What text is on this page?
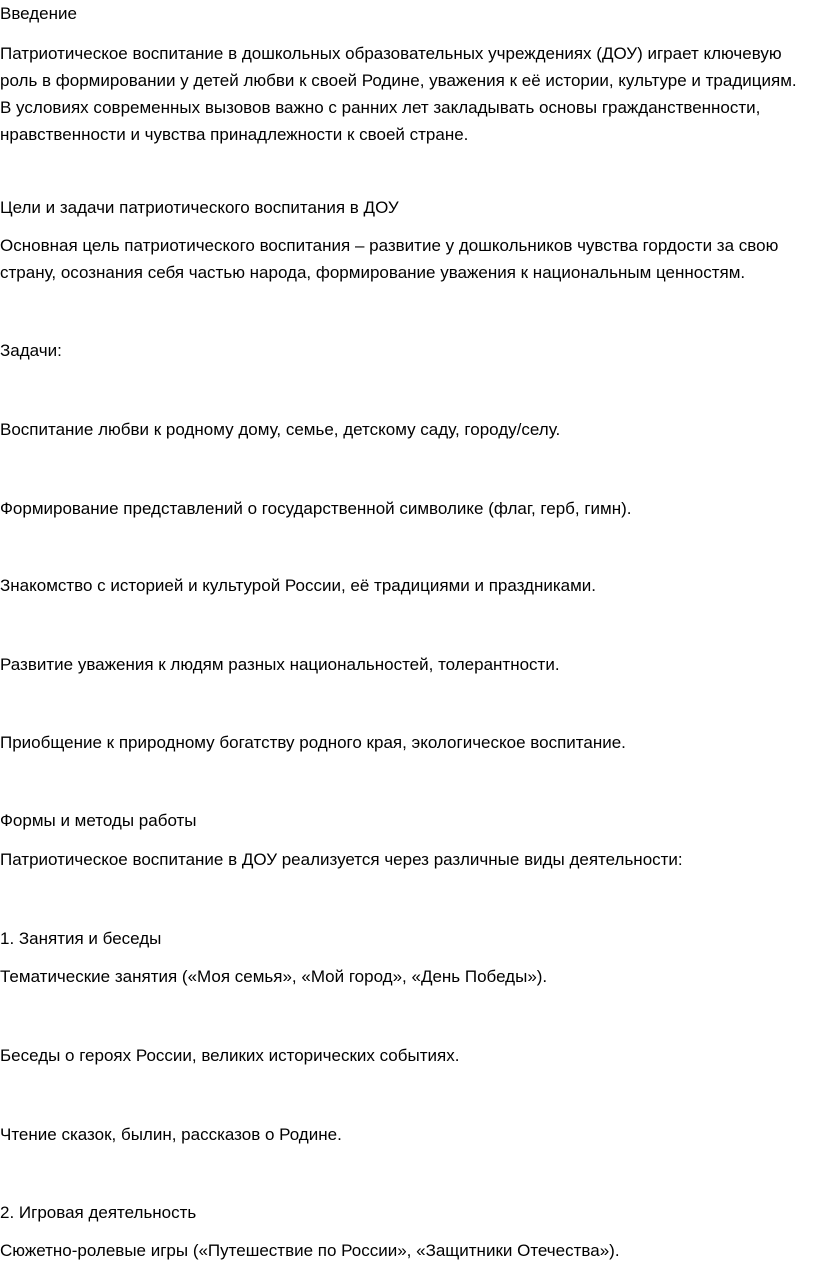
Введение

Патриотическое воспитание в дошкольных образовательных учреждениях (ДОУ) играет ключевую роль в формировании у детей любви к своей Родине, уважения к её истории, культуре и традициям. В условиях современных вызовов важно с ранних лет закладывать основы гражданственности, нравственности и чувства принадлежности к своей стране.

Цели и задачи патриотического воспитания в ДОУ

Основная цель патриотического воспитания – развитие у дошкольников чувства гордости за свою страну, осознания себя частью народа, формирование уважения к национальным ценностям.

Задачи:

Воспитание любви к родному дому, семье, детскому саду, городу/селу.

Формирование представлений о государственной символике (флаг, герб, гимн).

Знакомство с историей и культурой России, её традициями и праздниками.

Развитие уважения к людям разных национальностей, толерантности.

Приобщение к природному богатству родного края, экологическое воспитание.

Формы и методы работы

Патриотическое воспитание в ДОУ реализуется через различные виды деятельности:

1. Занятия и беседы

Тематические занятия («Моя семья», «Мой город», «День Победы»).

Беседы о героях России, великих исторических событиях.

Чтение сказок, былин, рассказов о Родине.

2. Игровая деятельность

Сюжетно-ролевые игры («Путешествие по России», «Защитники Отечества»).
